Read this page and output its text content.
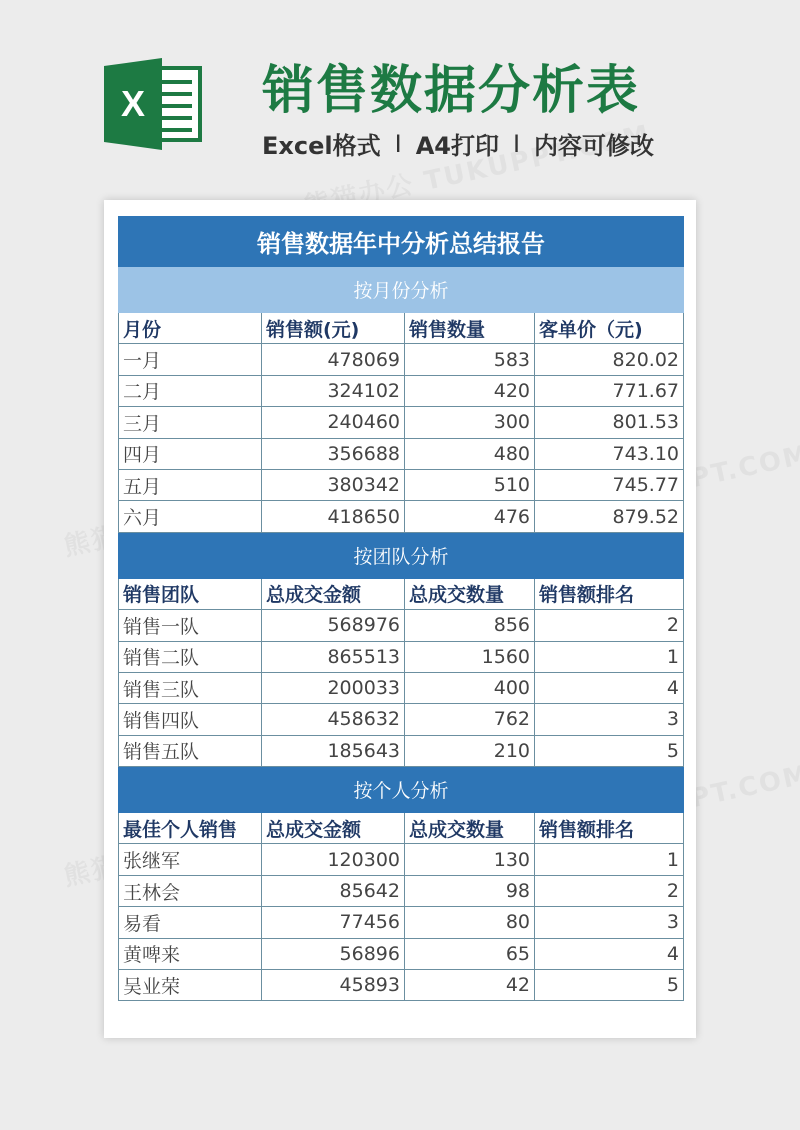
X 销售数据分析表
Excel格式 I A4打印 I 内容可修改
销售数据年中分析总结报告			
按月份分析			
月份	销售额(元)	销售数量	客单价（元)
一月	478069	583	820.02
二月	324102	420	771.67
三月	240460	300	801.53
四月	356688	480	743.10
五月	380342	510	745.77
六月	418650	476	879.52
按团队分析			
销售团队	总成交金额	总成交数量	销售额排名
销售一队	568976	856	2
销售二队	865513	1560	1
销售三队	200033	400	4
销售四队	458632	762	3
销售五队	185643	210	5
按个人分析			
最佳个人销售	总成交金额	总成交数量	销售额排名
张继军	120300	130	1
王林会	85642	98	2
易看	77456	80	3
黄啤来	56896	65	4
吴业荣	45893	42	5
